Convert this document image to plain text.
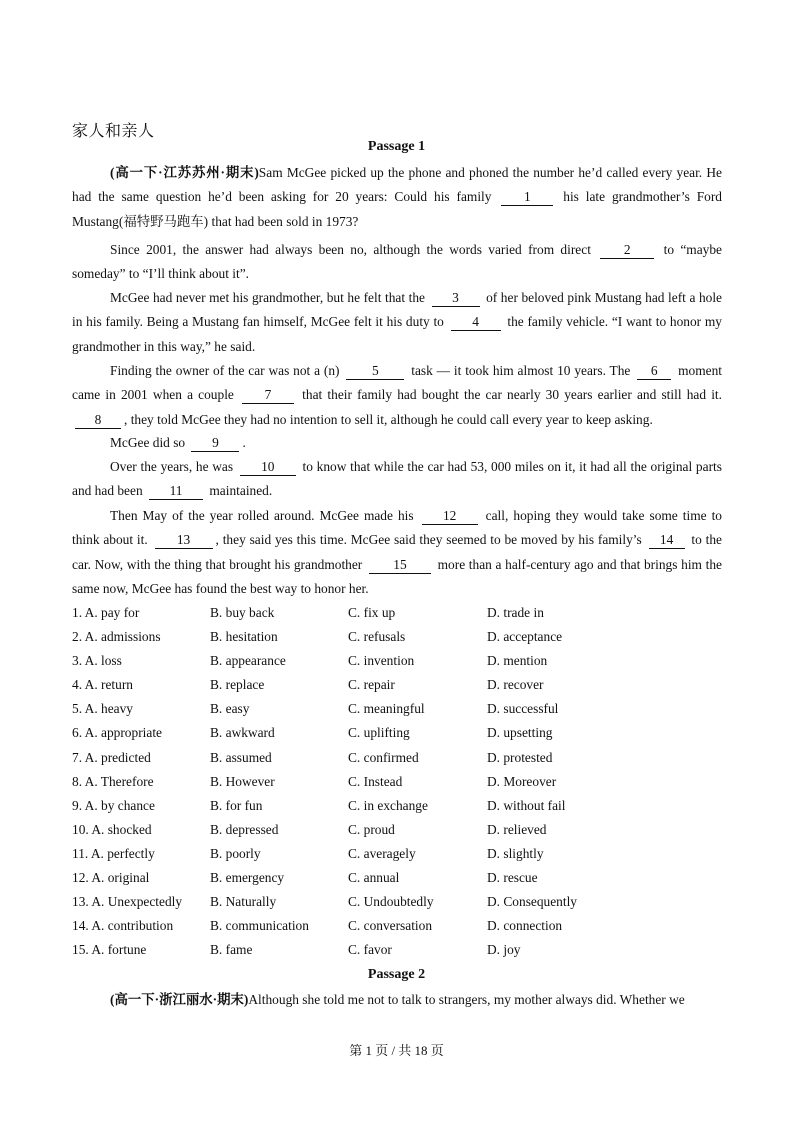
家人和亲人
Passage 1
(高一下·江苏苏州·期末)Sam McGee picked up the phone and phoned the number he’d called every year. He had the same question he’d been asking for 20 years: Could his family 1 his late grandmother’s Ford Mustang(福特野马跑车) that had been sold in 1973?
Since 2001, the answer had always been no, although the words varied from direct 2 to “maybe someday” to “I’ll think about it”.
McGee had never met his grandmother, but he felt that the 3 of her beloved pink Mustang had left a hole in his family. Being a Mustang fan himself, McGee felt it his duty to 4 the family vehicle. “I want to honor my grandmother in this way,” he said.
Finding the owner of the car was not a (n) 5 task — it took him almost 10 years. The 6 moment came in 2001 when a couple 7 that their family had bought the car nearly 30 years earlier and still had it. 8 , they told McGee they had no intention to sell it, although he could call every year to keep asking.
McGee did so 9 .
Over the years, he was 10 to know that while the car had 53, 000 miles on it, it had all the original parts and had been 11 maintained.
Then May of the year rolled around. McGee made his 12 call, hoping they would take some time to think about it. 13 , they said yes this time. McGee said they seemed to be moved by his family’s 14 to the car. Now, with the thing that brought his grandmother 15 more than a half-century ago and that brings him the same now, McGee has found the best way to honor her.
1. A. pay for	B. buy back	C. fix up	D. trade in
2. A. admissions	B. hesitation	C. refusals	D. acceptance
3. A. loss	B. appearance	C. invention	D. mention
4. A. return	B. replace	C. repair	D. recover
5. A. heavy	B. easy	C. meaningful	D. successful
6. A. appropriate	B. awkward	C. uplifting	D. upsetting
7. A. predicted	B. assumed	C. confirmed	D. protested
8. A. Therefore	B. However	C. Instead	D. Moreover
9. A. by chance	B. for fun	C. in exchange	D. without fail
10. A. shocked	B. depressed	C. proud	D. relieved
11. A. perfectly	B. poorly	C. averagely	D. slightly
12. A. original	B. emergency	C. annual	D. rescue
13. A. Unexpectedly B. Naturally	C. Undoubtedly	D. Consequently
14. A. contribution	B. communication	C. conversation	D. connection
15. A. fortune	B. fame	C. favor	D. joy
Passage 2
(高一下·浙江丽水·期末)Although she told me not to talk to strangers, my mother always did. Whether we
第 1 页 / 共 18 页
